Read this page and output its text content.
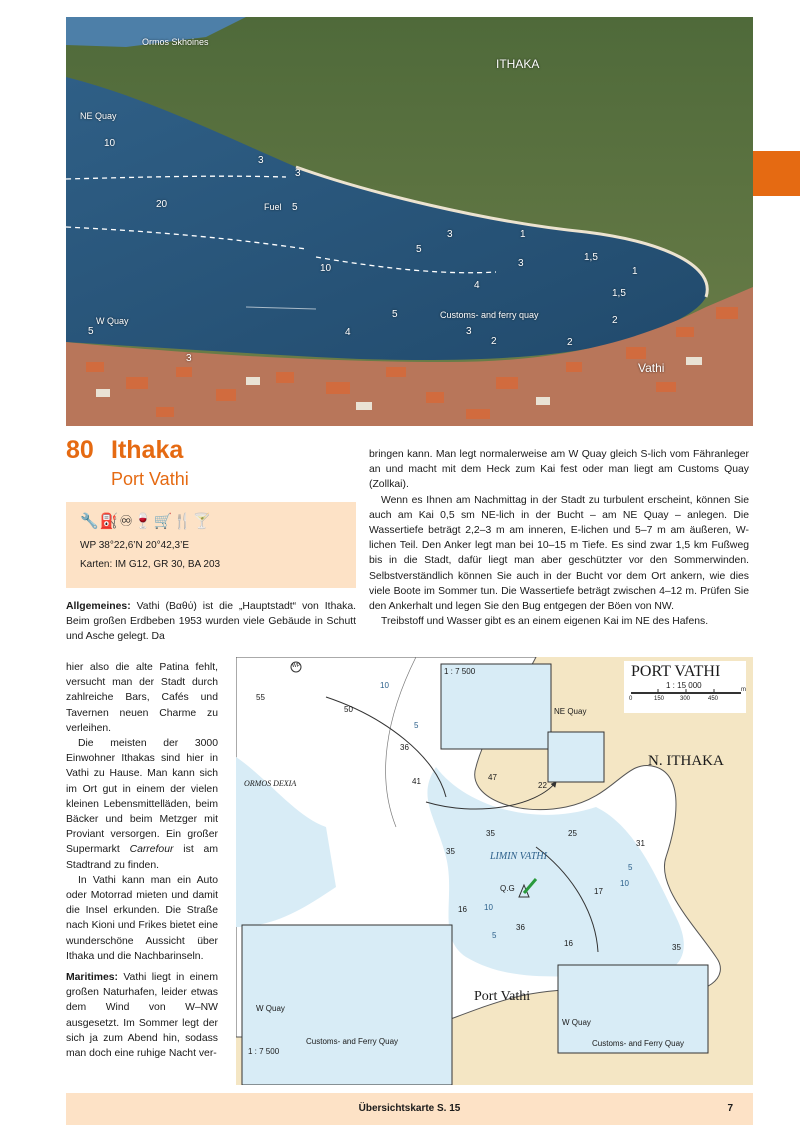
Ormos Skhoines
ITHAKA
NE Quay
Fuel
W Quay
Customs- and ferry quay
Vathi
10
3
3
20	5
3	1
5
10	3
1,5
1
4
1,5
5
5	4	3
2	2
2
3
80 Ithaka
Port Vathi
🔧⛽♾🍷🛒🍴🍸
WP 38°22,6’N 20°42,3’E
Karten: IM G12, GR 30, BA 203

Allgemeines: Vathi (Βαθύ) ist die „Hauptstadt“ von Ithaka. Beim großen Erdbeben 1953 wurden viele Gebäude in Schutt und Asche gelegt. Da

hier also die alte Patina fehlt, versucht man der Stadt durch zahlreiche Bars, Cafés und Tavernen neuen Charme zu verleihen.

Die meisten der 3000 Einwohner Ithakas sind hier in Vathi zu Hause. Man kann sich im Ort gut in einem der vielen kleinen Lebensmittelläden, beim Bäcker und beim Metzger mit Proviant versorgen. Ein großer Supermarkt Carrefour ist am Stadtrand zu finden.

In Vathi kann man ein Auto oder Motorrad mieten und damit die Insel erkunden. Die Straße nach Kioni und Frikes bietet eine wunderschöne Aussicht über Ithaka und die Nachbarinseln.

Maritimes: Vathi liegt in einem großen Naturhafen, leider etwas dem Wind von W–NW ausgesetzt. Im Sommer legt der sich ja zum Abend hin, sodass man doch eine ruhige Nacht ver-

bringen kann. Man legt normalerweise am W Quay gleich S-lich vom Fähranleger an und macht mit dem Heck zum Kai fest oder man liegt am Customs Quay (Zollkai).

Wenn es Ihnen am Nachmittag in der Stadt zu turbulent erscheint, können Sie auch am Kai 0,5 sm NE-lich in der Bucht – am NE Quay – anlegen. Die Wassertiefe beträgt 2,2–3 m am inneren, E-lichen und 5–7 m am äußeren, W-lichen Teil. Den Anker legt man bei 10–15 m Tiefe. Es sind zwar 1,5 km Fußweg bis in die Stadt, dafür liegt man aber geschützter vor den Sommerwinden. Selbstverständlich können Sie auch in der Bucht vor dem Ort ankern, wie dies viele Boote im Sommer tun. Die Wassertiefe beträgt zwischen 4–12 m. Prüfen Sie den Ankerhalt und legen Sie den Bug entgegen der Böen von NW.

Treibstoff und Wasser gibt es an einem eigenen Kai im NE des Hafens.

PORT VATHI
1 : 15 000
0	150	300	450
m
N. ITHAKA
ORMOS DEXIA
LIMIN VATHI
Port Vathi
WP
Q.G
NE Quay
1 : 7 500
1 : 7 500
W Quay
Customs- and Ferry Quay
W Quay
Customs- and Ferry Quay
55
50
10
5
36
41	47
22
35	25
31
35
16 10
5
36
17
16	35
10
5
Übersichtskarte S. 15	7
